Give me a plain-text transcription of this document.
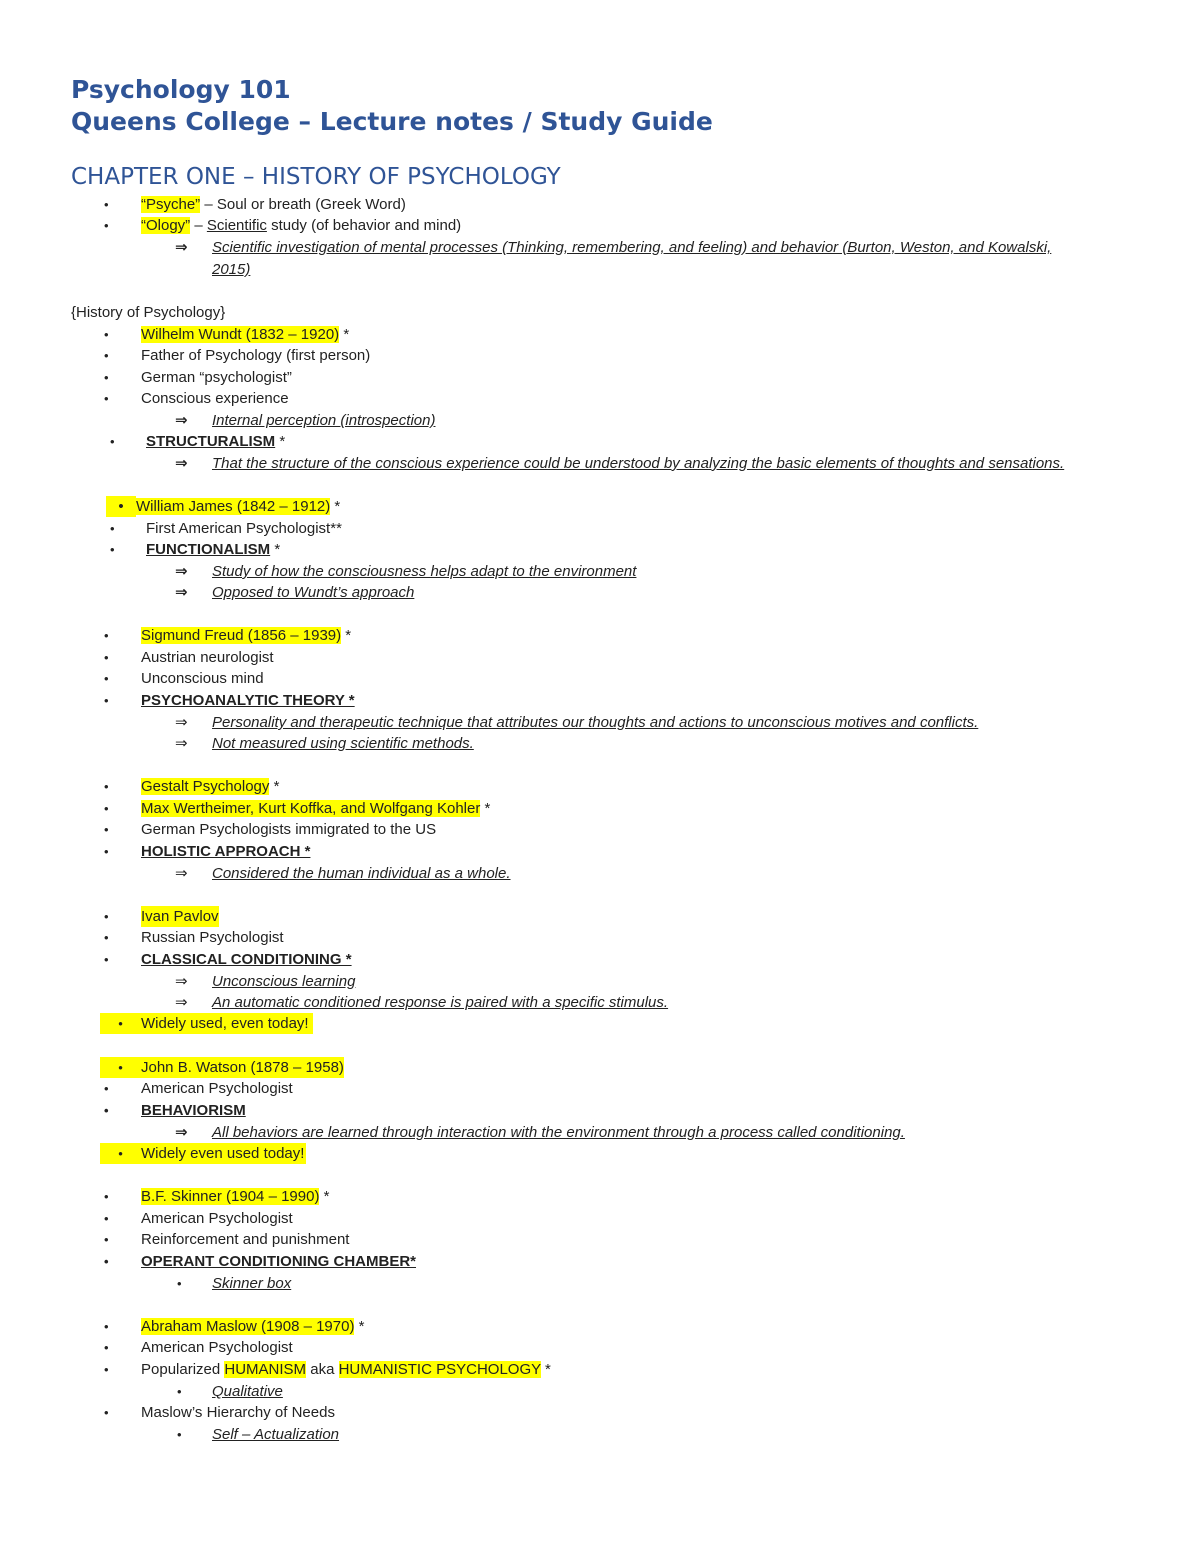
Psychology 101
Queens College – Lecture notes / Study Guide
CHAPTER ONE – HISTORY OF PSYCHOLOGY
• “Psyche” – Soul or breath (Greek Word)
• “Ology” – Scientific study (of behavior and mind)
⇒ Scientific investigation of mental processes (Thinking, remembering, and feeling) and behavior (Burton, Weston, and Kowalski,
2015)
{History of Psychology}
• Wilhelm Wundt (1832 – 1920) *
• Father of Psychology (first person)
• German “psychologist”
• Conscious experience
⇒ Internal perception (introspection)
• STRUCTURALISM *
⇒ That the structure of the conscious experience could be understood by analyzing the basic elements of thoughts and sensations.
• William James (1842 – 1912) *
• First American Psychologist**
• FUNCTIONALISM *
⇒ Study of how the consciousness helps adapt to the environment
⇒ Opposed to Wundt’s approach
• Sigmund Freud (1856 – 1939) *
• Austrian neurologist
• Unconscious mind
• PSYCHOANALYTIC THEORY *
⇒ Personality and therapeutic technique that attributes our thoughts and actions to unconscious motives and conflicts.
⇒ Not measured using scientific methods.
• Gestalt Psychology *
• Max Wertheimer, Kurt Koffka, and Wolfgang Kohler *
• German Psychologists immigrated to the US
• HOLISTIC APPROACH *
⇒ Considered the human individual as a whole.
• Ivan Pavlov
• Russian Psychologist
• CLASSICAL CONDITIONING *
⇒ Unconscious learning
⇒ An automatic conditioned response is paired with a specific stimulus.
• Widely used, even today!
• John B. Watson (1878 – 1958)
• American Psychologist
• BEHAVIORISM
⇒ All behaviors are learned through interaction with the environment through a process called conditioning.
• Widely even used today!
• B.F. Skinner (1904 – 1990) *
• American Psychologist
• Reinforcement and punishment
• OPERANT CONDITIONING CHAMBER*
• Skinner box
• Abraham Maslow (1908 – 1970) *
• American Psychologist
• Popularized HUMANISM aka HUMANISTIC PSYCHOLOGY *
• Qualitative
• Maslow’s Hierarchy of Needs
• Self – Actualization
